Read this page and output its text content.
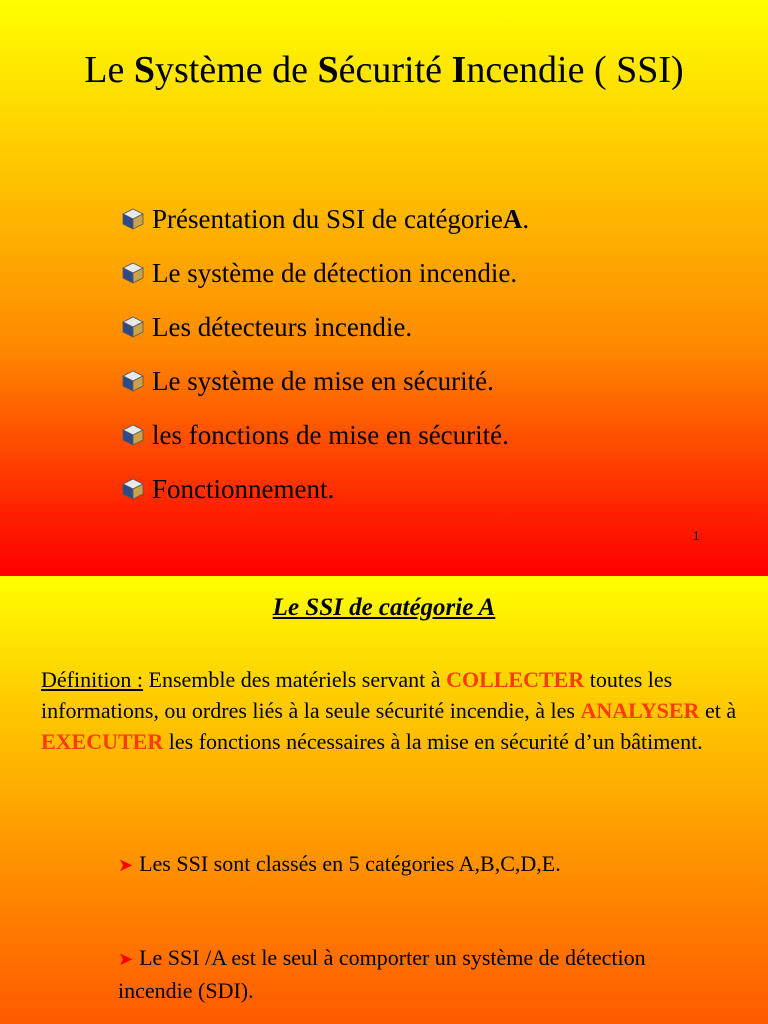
Le Système de Sécurité Incendie ( SSI)
Présentation du SSI de catégorie A .
Le système de détection incendie.
Les détecteurs incendie.
Le système de mise en sécurité.
les fonctions de mise en sécurité.
Fonctionnement.
1
Le SSI de catégorie A
Définition : Ensemble des matériels servant à COLLECTER toutes les informations, ou ordres liés à la seule sécurité incendie, à les ANALYSER et à EXECUTER les fonctions nécessaires à la mise en sécurité d’un bâtiment.
➤ Les SSI sont classés en 5 catégories A,B,C,D,E.
➤ Le SSI /A est le seul à comporter un système de détection incendie (SDI).
